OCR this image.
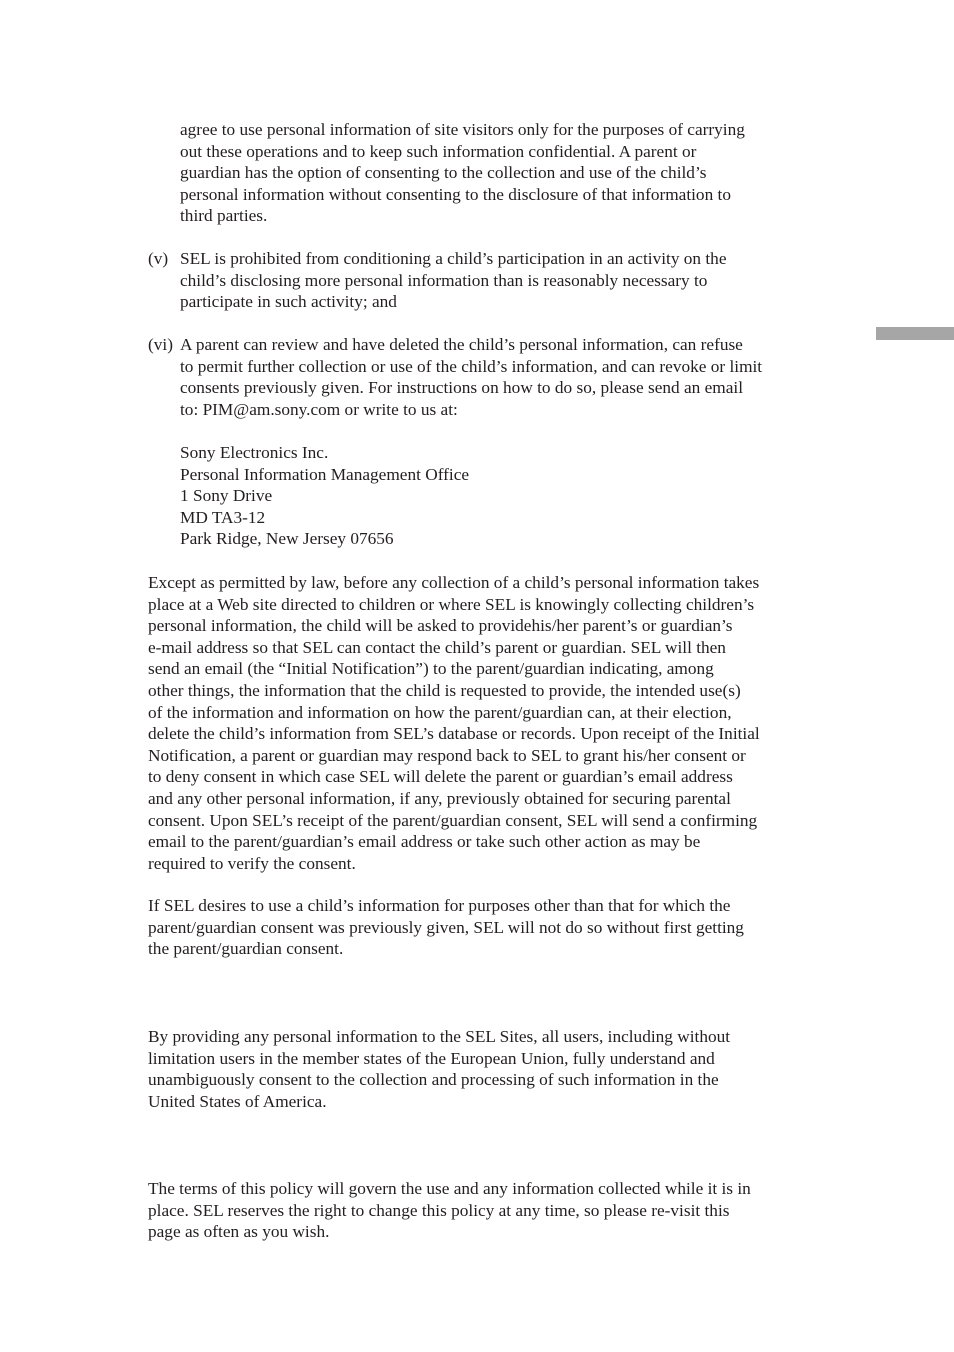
agree to use personal information of site visitors only for the purposes of carrying
out these operations and to keep such information confidential. A parent or
guardian has the option of consenting to the collection and use of the child’s
personal information without consenting to the disclosure of that information to
third parties.
(v) SEL is prohibited from conditioning a child’s participation in an activity on the
child’s disclosing more personal information than is reasonably necessary to
participate in such activity; and
(vi) A parent can review and have deleted the child’s personal information, can refuse
to permit further collection or use of the child’s information, and can revoke or limit
consents previously given. For instructions on how to do so, please send an email
to: PIM@am.sony.com or write to us at:
Sony Electronics Inc.
Personal Information Management Office
1 Sony Drive
MD TA3-12
Park Ridge, New Jersey 07656
Except as permitted by law, before any collection of a child’s personal information takes
place at a Web site directed to children or where SEL is knowingly collecting children’s
personal information, the child will be asked to providehis/her parent’s or guardian’s
e-mail address so that SEL can contact the child’s parent or guardian. SEL will then
send an email (the “Initial Notification”) to the parent/guardian indicating, among
other things, the information that the child is requested to provide, the intended use(s)
of the information and information on how the parent/guardian can, at their election,
delete the child’s information from SEL’s database or records. Upon receipt of the Initial
Notification, a parent or guardian may respond back to SEL to grant his/her consent or
to deny consent in which case SEL will delete the parent or guardian’s email address
and any other personal information, if any, previously obtained for securing parental
consent. Upon SEL’s receipt of the parent/guardian consent, SEL will send a confirming
email to the parent/guardian’s email address or take such other action as may be
required to verify the consent.
If SEL desires to use a child’s information for purposes other than that for which the
parent/guardian consent was previously given, SEL will not do so without first getting
the parent/guardian consent.
By providing any personal information to the SEL Sites, all users, including without
limitation users in the member states of the European Union, fully understand and
unambiguously consent to the collection and processing of such information in the
United States of America.
The terms of this policy will govern the use and any information collected while it is in
place. SEL reserves the right to change this policy at any time, so please re-visit this
page as often as you wish.
